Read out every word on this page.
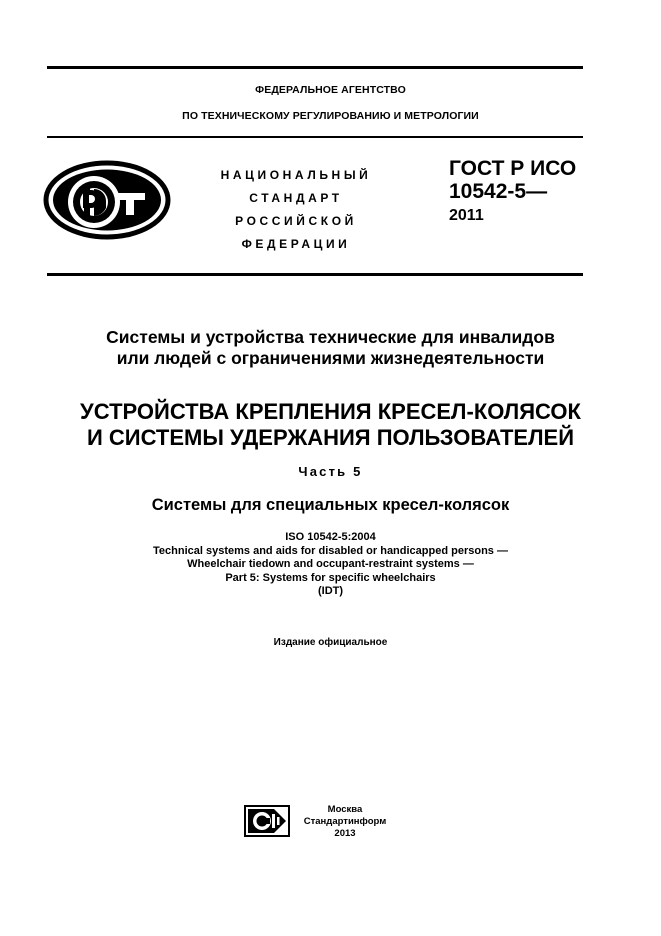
ФЕДЕРАЛЬНОЕ АГЕНТСТВО
ПО ТЕХНИЧЕСКОМУ РЕГУЛИРОВАНИЮ И МЕТРОЛОГИИ
НАЦИОНАЛЬНЫЙ
СТАНДАРТ
РОССИЙСКОЙ
ФЕДЕРАЦИИ
ГОСТ Р ИСО
10542-5—
2011
Системы и устройства технические для инвалидов
или людей с ограничениями жизнедеятельности
УСТРОЙСТВА КРЕПЛЕНИЯ КРЕСЕЛ-КОЛЯСОК
И СИСТЕМЫ УДЕРЖАНИЯ ПОЛЬЗОВАТЕЛЕЙ
Часть 5
Системы для специальных кресел-колясок
ISO 10542-5:2004
Technical systems and aids for disabled or handicapped persons —
Wheelchair tiedown and occupant-restraint systems —
Part 5: Systems for specific wheelchairs
(IDT)
Издание официальное
Москва
Стандартинформ
2013
